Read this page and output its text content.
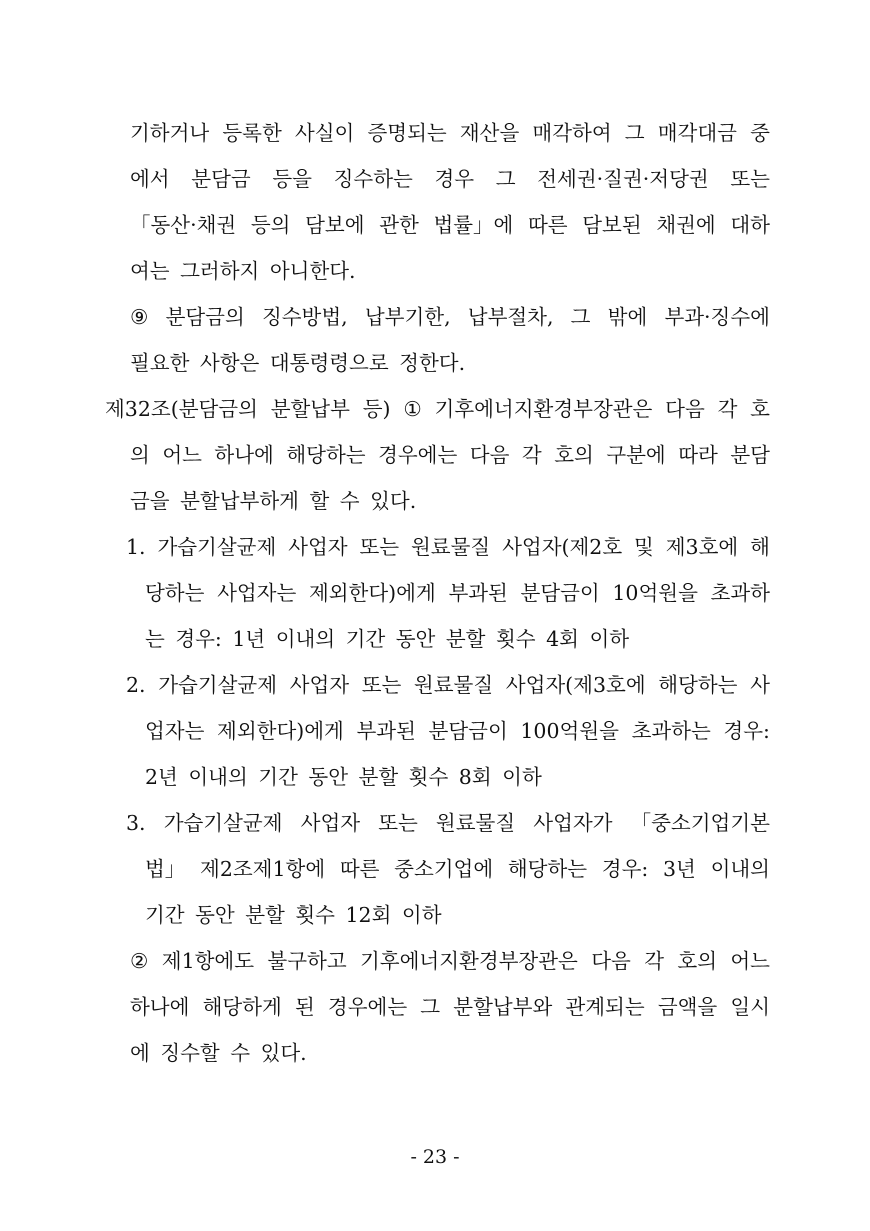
기하거나 등록한 사실이 증명되는 재산을 매각하여 그 매각대금 중
에서 분담금 등을 징수하는 경우 그 전세권·질권·저당권 또는
「동산·채권 등의 담보에 관한 법률」에 따른 담보된 채권에 대하
여는 그러하지 아니한다.
⑨ 분담금의 징수방법, 납부기한, 납부절차, 그 밖에 부과·징수에
필요한 사항은 대통령령으로 정한다.
제32조(분담금의 분할납부 등) ① 기후에너지환경부장관은 다음 각 호
의 어느 하나에 해당하는 경우에는 다음 각 호의 구분에 따라 분담
금을 분할납부하게 할 수 있다.
1. 가습기살균제 사업자 또는 원료물질 사업자(제2호 및 제3호에 해
당하는 사업자는 제외한다)에게 부과된 분담금이 10억원을 초과하
는 경우: 1년 이내의 기간 동안 분할 횟수 4회 이하
2. 가습기살균제 사업자 또는 원료물질 사업자(제3호에 해당하는 사
업자는 제외한다)에게 부과된 분담금이 100억원을 초과하는 경우:
2년 이내의 기간 동안 분할 횟수 8회 이하
3. 가습기살균제 사업자 또는 원료물질 사업자가 「중소기업기본
법」 제2조제1항에 따른 중소기업에 해당하는 경우: 3년 이내의
기간 동안 분할 횟수 12회 이하
② 제1항에도 불구하고 기후에너지환경부장관은 다음 각 호의 어느
하나에 해당하게 된 경우에는 그 분할납부와 관계되는 금액을 일시
에 징수할 수 있다.
- 23 -
